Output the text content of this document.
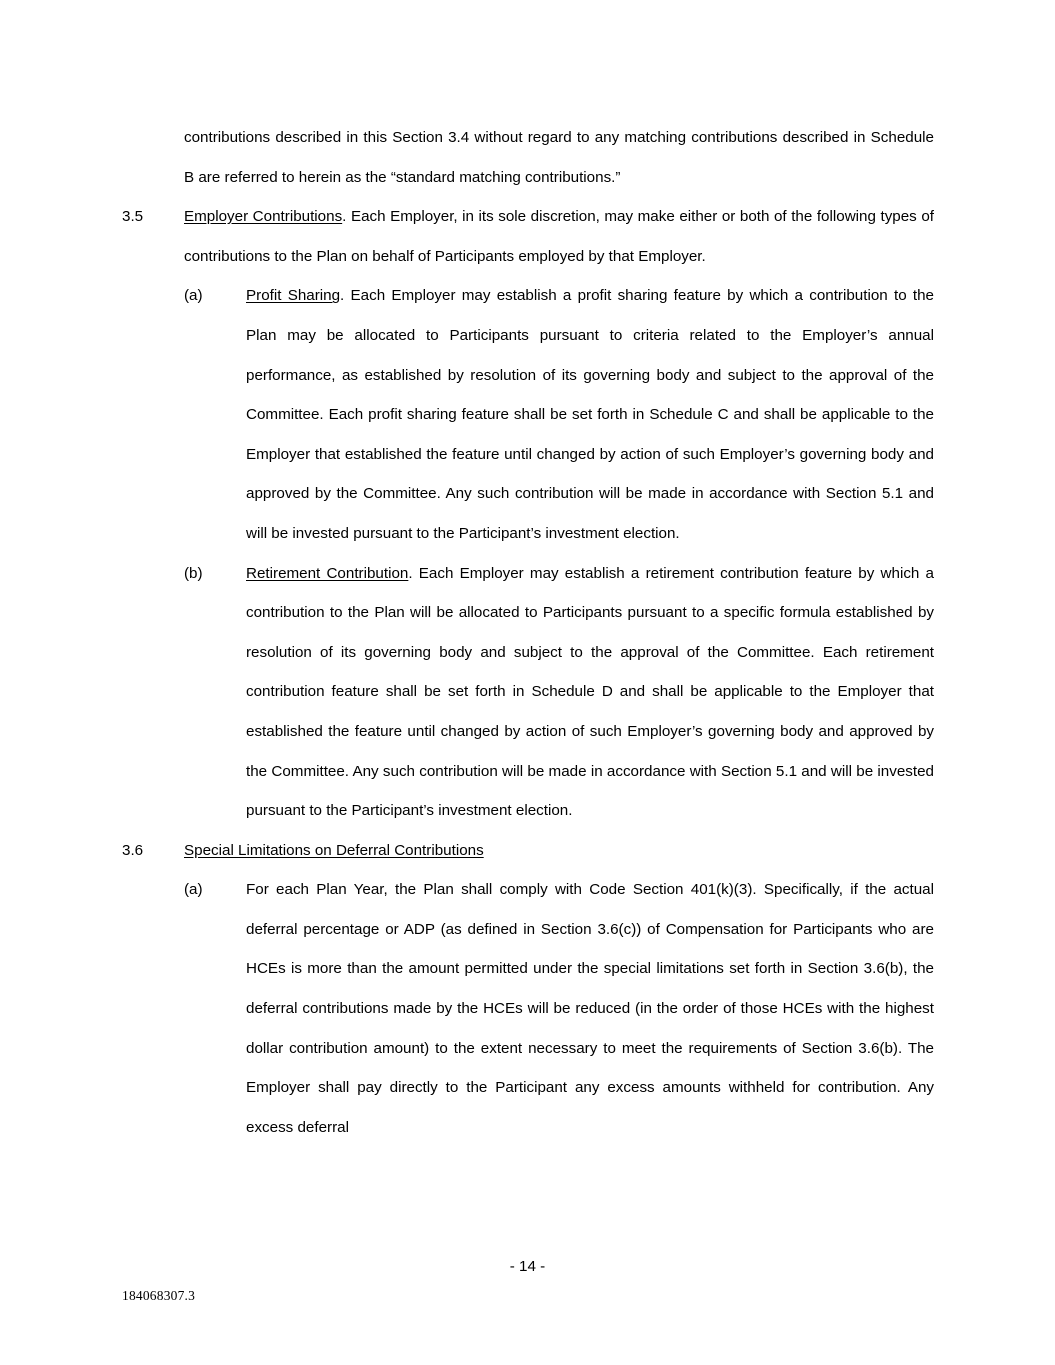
contributions described in this Section 3.4 without regard to any matching contributions described in Schedule B are referred to herein as the “standard matching contributions.”
3.5	Employer Contributions. Each Employer, in its sole discretion, may make either or both of the following types of contributions to the Plan on behalf of Participants employed by that Employer.
(a)	Profit Sharing. Each Employer may establish a profit sharing feature by which a contribution to the Plan may be allocated to Participants pursuant to criteria related to the Employer’s annual performance, as established by resolution of its governing body and subject to the approval of the Committee. Each profit sharing feature shall be set forth in Schedule C and shall be applicable to the Employer that established the feature until changed by action of such Employer’s governing body and approved by the Committee. Any such contribution will be made in accordance with Section 5.1 and will be invested pursuant to the Participant’s investment election.
(b)	Retirement Contribution. Each Employer may establish a retirement contribution feature by which a contribution to the Plan will be allocated to Participants pursuant to a specific formula established by resolution of its governing body and subject to the approval of the Committee. Each retirement contribution feature shall be set forth in Schedule D and shall be applicable to the Employer that established the feature until changed by action of such Employer’s governing body and approved by the Committee. Any such contribution will be made in accordance with Section 5.1 and will be invested pursuant to the Participant’s investment election.
3.6	Special Limitations on Deferral Contributions
(a)	For each Plan Year, the Plan shall comply with Code Section 401(k)(3). Specifically, if the actual deferral percentage or ADP (as defined in Section 3.6(c)) of Compensation for Participants who are HCEs is more than the amount permitted under the special limitations set forth in Section 3.6(b), the deferral contributions made by the HCEs will be reduced (in the order of those HCEs with the highest dollar contribution amount) to the extent necessary to meet the requirements of Section 3.6(b). The Employer shall pay directly to the Participant any excess amounts withheld for contribution. Any excess deferral
- 14 -
184068307.3
